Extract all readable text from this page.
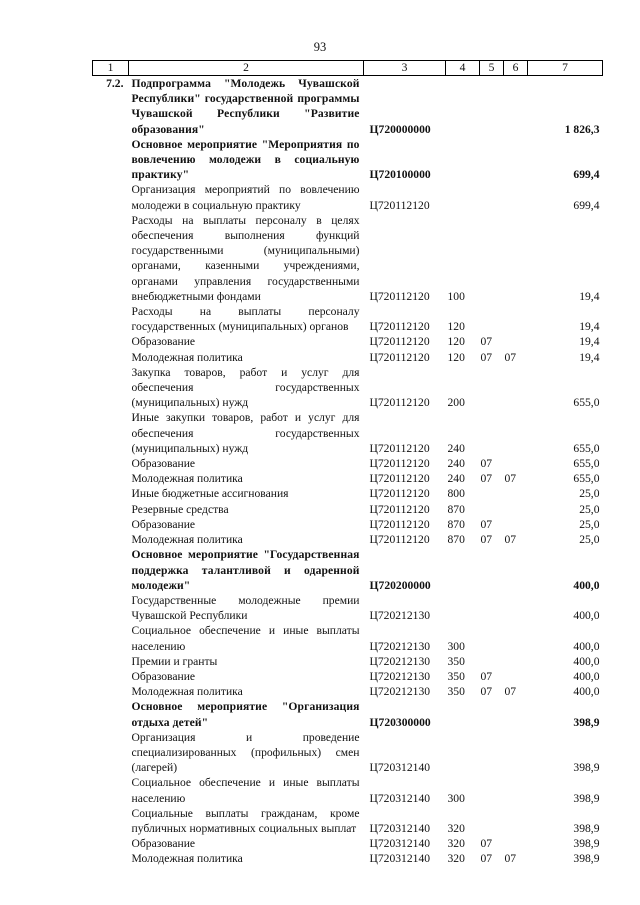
93
1	2	3	4	5	6	7
7.2.	Подпрограмма "Молодежь Чувашской Республики" государственной программы Чувашской Республики "Развитие образования"	Ц720000000				1 826,3
	Основное мероприятие "Мероприятия по вовлечению молодежи в социальную практику"	Ц720100000				699,4
	Организация мероприятий по вовлечению молодежи в социальную практику	Ц720112120				699,4
	Расходы на выплаты персоналу в целях обеспечения выполнения функций государственными (муниципальными) органами, казенными учреждениями, органами управления государственными внебюджетными фондами	Ц720112120	100			19,4
	Расходы на выплаты персоналу государственных (муниципальных) органов	Ц720112120	120			19,4
	Образование	Ц720112120	120	07		19,4
	Молодежная политика	Ц720112120	120	07	07	19,4
	Закупка товаров, работ и услуг для обеспечения государственных (муниципальных) нужд	Ц720112120	200			655,0
	Иные закупки товаров, работ и услуг для обеспечения государственных (муниципальных) нужд	Ц720112120	240			655,0
	Образование	Ц720112120	240	07		655,0
	Молодежная политика	Ц720112120	240	07	07	655,0
	Иные бюджетные ассигнования	Ц720112120	800			25,0
	Резервные средства	Ц720112120	870			25,0
	Образование	Ц720112120	870	07		25,0
	Молодежная политика	Ц720112120	870	07	07	25,0
	Основное мероприятие "Государственная поддержка талантливой и одаренной молодежи"	Ц720200000				400,0
	Государственные молодежные премии Чувашской Республики	Ц720212130				400,0
	Социальное обеспечение и иные выплаты населению	Ц720212130	300			400,0
	Премии и гранты	Ц720212130	350			400,0
	Образование	Ц720212130	350	07		400,0
	Молодежная политика	Ц720212130	350	07	07	400,0
	Основное мероприятие "Организация отдыха детей"	Ц720300000				398,9
	Организация и проведение специализированных (профильных) смен (лагерей)	Ц720312140				398,9
	Социальное обеспечение и иные выплаты населению	Ц720312140	300			398,9
	Социальные выплаты гражданам, кроме публичных нормативных социальных выплат	Ц720312140	320			398,9
	Образование	Ц720312140	320	07		398,9
	Молодежная политика	Ц720312140	320	07	07	398,9
